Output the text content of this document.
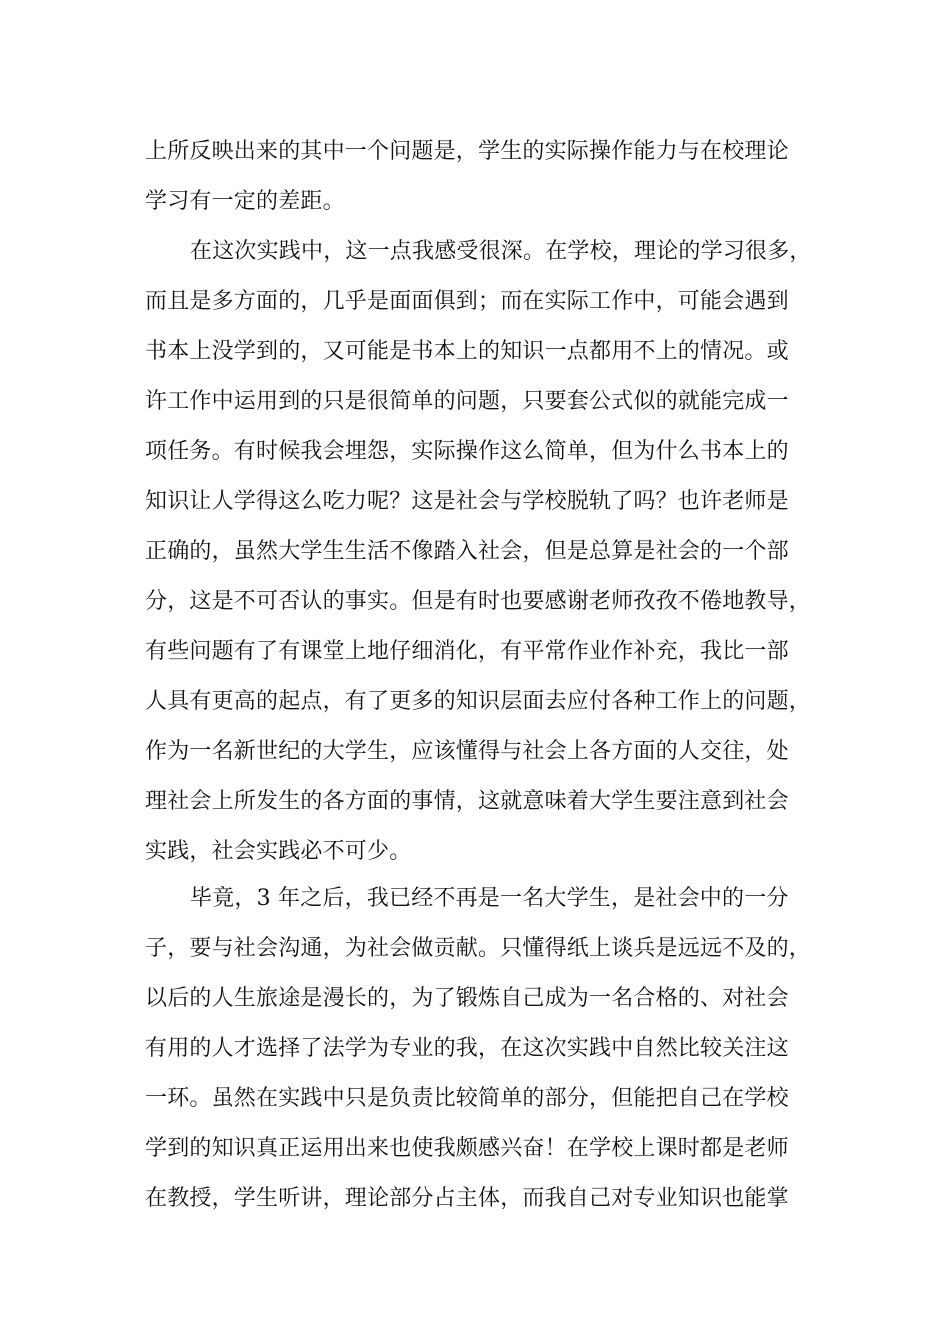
上所反映出来的其中一个问题是，学生的实际操作能力与在校理论
学习有一定的差距。
在这次实践中，这一点我感受很深。在学校，理论的学习很多，
而且是多方面的，几乎是面面俱到；而在实际工作中，可能会遇到
书本上没学到的，又可能是书本上的知识一点都用不上的情况。或
许工作中运用到的只是很简单的问题，只要套公式似的就能完成一
项任务。有时候我会埋怨，实际操作这么简单，但为什么书本上的
知识让人学得这么吃力呢？这是社会与学校脱轨了吗？也许老师是
正确的，虽然大学生生活不像踏入社会，但是总算是社会的一个部
分，这是不可否认的事实。但是有时也要感谢老师孜孜不倦地教导，
有些问题有了有课堂上地仔细消化，有平常作业作补充，我比一部
人具有更高的起点，有了更多的知识层面去应付各种工作上的问题，
作为一名新世纪的大学生，应该懂得与社会上各方面的人交往，处
理社会上所发生的各方面的事情，这就意味着大学生要注意到社会
实践，社会实践必不可少。
毕竟，3 年之后，我已经不再是一名大学生，是社会中的一分
子，要与社会沟通，为社会做贡献。只懂得纸上谈兵是远远不及的，
以后的人生旅途是漫长的，为了锻炼自己成为一名合格的、对社会
有用的人才选择了法学为专业的我，在这次实践中自然比较关注这
一环。虽然在实践中只是负责比较简单的部分，但能把自己在学校
学到的知识真正运用出来也使我颇感兴奋！在学校上课时都是老师
在教授，学生听讲，理论部分占主体，而我自己对专业知识也能掌
